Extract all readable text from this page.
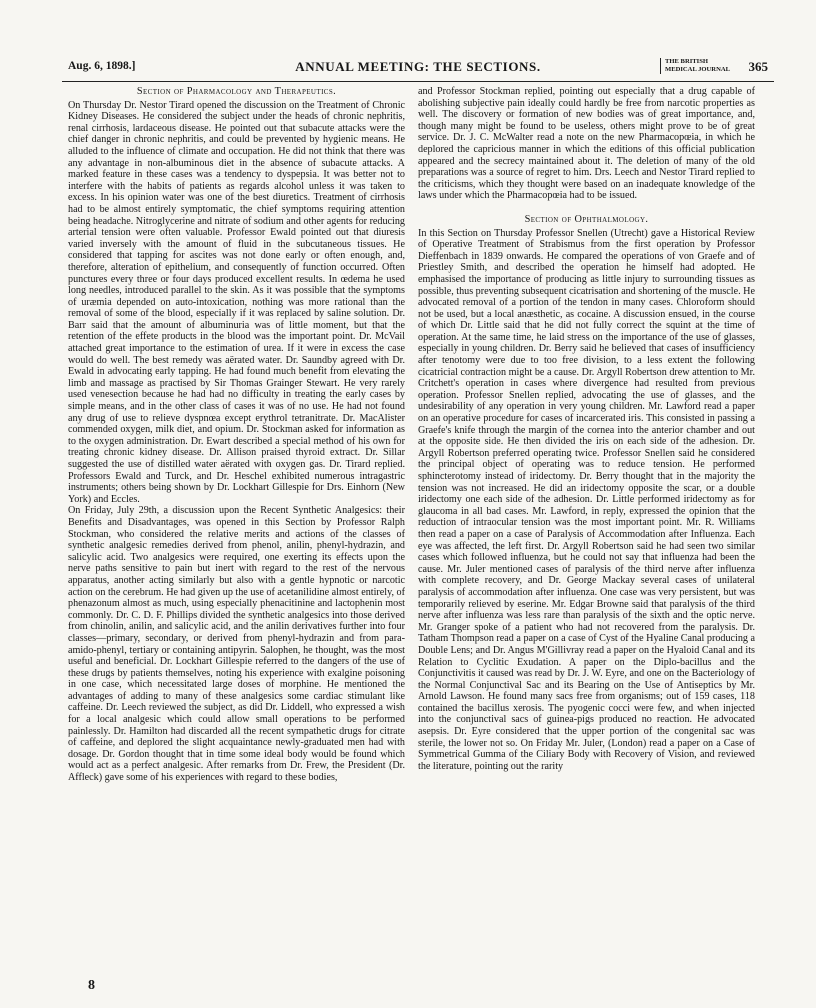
Aug. 6, 1898.]	ANNUAL MEETING: THE SECTIONS.	THE BRITISH
MEDICAL JOURNAL 365
Section of Pharmacology and Therapeutics.

On Thursday Dr. Nestor Tirard opened the discussion on the Treatment of Chronic Kidney Diseases. He considered the subject under the heads of chronic nephritis, renal cirrhosis, lardaceous disease. He pointed out that subacute attacks were the chief danger in chronic nephritis, and could be prevented by hygienic means. He alluded to the influence of climate and occupation. He did not think that there was any advantage in non-albuminous diet in the absence of subacute attacks. A marked feature in these cases was a tendency to dyspepsia. It was better not to interfere with the habits of patients as regards alcohol unless it was taken to excess. In his opinion water was one of the best diuretics. Treatment of cirrhosis had to be almost entirely symptomatic, the chief symptoms requiring attention being headache. Nitroglycerine and nitrate of sodium and other agents for reducing arterial tension were often valuable. Professor Ewald pointed out that diuresis varied inversely with the amount of fluid in the subcutaneous tissues. He considered that tapping for ascites was not done early or often enough, and, therefore, alteration of epithelium, and consequently of function occurred. Often punctures every three or four days produced excellent results. In œdema he used long needles, introduced parallel to the skin. As it was possible that the symptoms of uræmia depended on auto-intoxication, nothing was more rational than the removal of some of the blood, especially if it was replaced by saline solution. Dr. Barr said that the amount of albuminuria was of little moment, but that the retention of the effete products in the blood was the important point. Dr. McVail attached great importance to the estimation of urea. If it were in excess the case would do well. The best remedy was aërated water. Dr. Saundby agreed with Dr. Ewald in advocating early tapping. He had found much benefit from elevating the limb and massage as practised by Sir Thomas Grainger Stewart. He very rarely used venesection because he had had no difficulty in treating the early cases by simple means, and in the other class of cases it was of no use. He had not found any drug of use to relieve dyspnœa except erythrol tetranitrate. Dr. MacAlister commended oxygen, milk diet, and opium. Dr. Stockman asked for information as to the oxygen administration. Dr. Ewart described a special method of his own for treating chronic kidney disease. Dr. Allison praised thyroid extract. Dr. Sillar suggested the use of distilled water aërated with oxygen gas. Dr. Tirard replied. Professors Ewald and Turck, and Dr. Heschel exhibited numerous intragastric instruments; others being shown by Dr. Lockhart Gillespie for Drs. Einhorn (New York) and Eccles.

On Friday, July 29th, a discussion upon the Recent Synthetic Analgesics: their Benefits and Disadvantages, was opened in this Section by Professor Ralph Stockman, who considered the relative merits and actions of the classes of synthetic analgesic remedies derived from phenol, anilin, phenyl-hydrazin, and salicylic acid. Two analgesics were required, one exerting its effects upon the nerve paths sensitive to pain but inert with regard to the rest of the nervous apparatus, another acting similarly but also with a gentle hypnotic or narcotic action on the cerebrum. He had given up the use of acetanilidine almost entirely, of phenazonum almost as much, using especially phenacitinine and lactophenin most commonly. Dr. C. D. F. Phillips divided the synthetic analgesics into those derived from chinolin, anilin, and salicylic acid, and the anilin derivatives further into four classes—primary, secondary, or derived from phenyl-hydrazin and from para-amido-phenyl, tertiary or containing antipyrin. Salophen, he thought, was the most useful and beneficial. Dr. Lockhart Gillespie referred to the dangers of the use of these drugs by patients themselves, noting his experience with exalgine poisoning in one case, which necessitated large doses of morphine. He mentioned the advantages of adding to many of these analgesics some cardiac stimulant like caffeine. Dr. Leech reviewed the subject, as did Dr. Liddell, who expressed a wish for a local analgesic which could allow small operations to be performed painlessly. Dr. Hamilton had discarded all the recent sympathetic drugs for citrate of caffeine, and deplored the slight acquaintance newly-graduated men had with dosage. Dr. Gordon thought that in time some ideal body would be found which would act as a perfect analgesic. After remarks from Dr. Frew, the President (Dr. Affleck) gave some of his experiences with regard to these bodies,

and Professor Stockman replied, pointing out especially that a drug capable of abolishing subjective pain ideally could hardly be free from narcotic properties as well. The discovery or formation of new bodies was of great importance, and, though many might be found to be useless, others might prove to be of great service. Dr. J. C. McWalter read a note on the new Pharmacopœia, in which he deplored the capricious manner in which the editions of this official publication appeared and the secrecy maintained about it. The deletion of many of the old preparations was a source of regret to him. Drs. Leech and Nestor Tirard replied to the criticisms, which they thought were based on an inadequate knowledge of the laws under which the Pharmacopœia had to be issued.

Section of Ophthalmology.

In this Section on Thursday Professor Snellen (Utrecht) gave a Historical Review of Operative Treatment of Strabismus from the first operation by Professor Dieffenbach in 1839 onwards. He compared the operations of von Graefe and of Priestley Smith, and described the operation he himself had adopted. He emphasised the importance of producing as little injury to surrounding tissues as possible, thus preventing subsequent cicatrisation and shortening of the muscle. He advocated removal of a portion of the tendon in many cases. Chloroform should not be used, but a local anæsthetic, as cocaine. A discussion ensued, in the course of which Dr. Little said that he did not fully correct the squint at the time of operation. At the same time, he laid stress on the importance of the use of glasses, especially in young children. Dr. Berry said he believed that cases of insufficiency after tenotomy were due to too free division, to a less extent the following cicatricial contraction might be a cause. Dr. Argyll Robertson drew attention to Mr. Critchett's operation in cases where divergence had resulted from previous operation. Professor Snellen replied, advocating the use of glasses, and the undesirability of any operation in very young children. Mr. Lawford read a paper on an operative procedure for cases of incarcerated iris. This consisted in passing a Graefe's knife through the margin of the cornea into the anterior chamber and out at the opposite side. He then divided the iris on each side of the adhesion. Dr. Argyll Robertson preferred operating twice. Professor Snellen said he considered the principal object of operating was to reduce tension. He performed sphincterotomy instead of iridectomy. Dr. Berry thought that in the majority the tension was not increased. He did an iridectomy opposite the scar, or a double iridectomy one each side of the adhesion. Dr. Little performed iridectomy as for glaucoma in all bad cases. Mr. Lawford, in reply, expressed the opinion that the reduction of intraocular tension was the most important point. Mr. R. Williams then read a paper on a case of Paralysis of Accommodation after Influenza. Each eye was affected, the left first. Dr. Argyll Robertson said he had seen two similar cases which followed influenza, but he could not say that influenza had been the cause. Mr. Juler mentioned cases of paralysis of the third nerve after influenza with complete recovery, and Dr. George Mackay several cases of unilateral paralysis of accommodation after influenza. One case was very persistent, but was temporarily relieved by eserine. Mr. Edgar Browne said that paralysis of the third nerve after influenza was less rare than paralysis of the sixth and the optic nerve. Mr. Granger spoke of a patient who had not recovered from the paralysis. Dr. Tatham Thompson read a paper on a case of Cyst of the Hyaline Canal producing a Double Lens; and Dr. Angus M'Gillivray read a paper on the Hyaloid Canal and its Relation to Cyclitic Exudation. A paper on the Diplo-bacillus and the Conjunctivitis it caused was read by Dr. J. W. Eyre, and one on the Bacteriology of the Normal Conjunctival Sac and its Bearing on the Use of Antiseptics by Mr. Arnold Lawson. He found many sacs free from organisms; out of 159 cases, 118 contained the bacillus xerosis. The pyogenic cocci were few, and when injected into the conjunctival sacs of guinea-pigs produced no reaction. He advocated asepsis. Dr. Eyre considered that the upper portion of the congenital sac was sterile, the lower not so. On Friday Mr. Juler, (London) read a paper on a Case of Symmetrical Gumma of the Ciliary Body with Recovery of Vision, and reviewed the literature, pointing out the rarity

8
